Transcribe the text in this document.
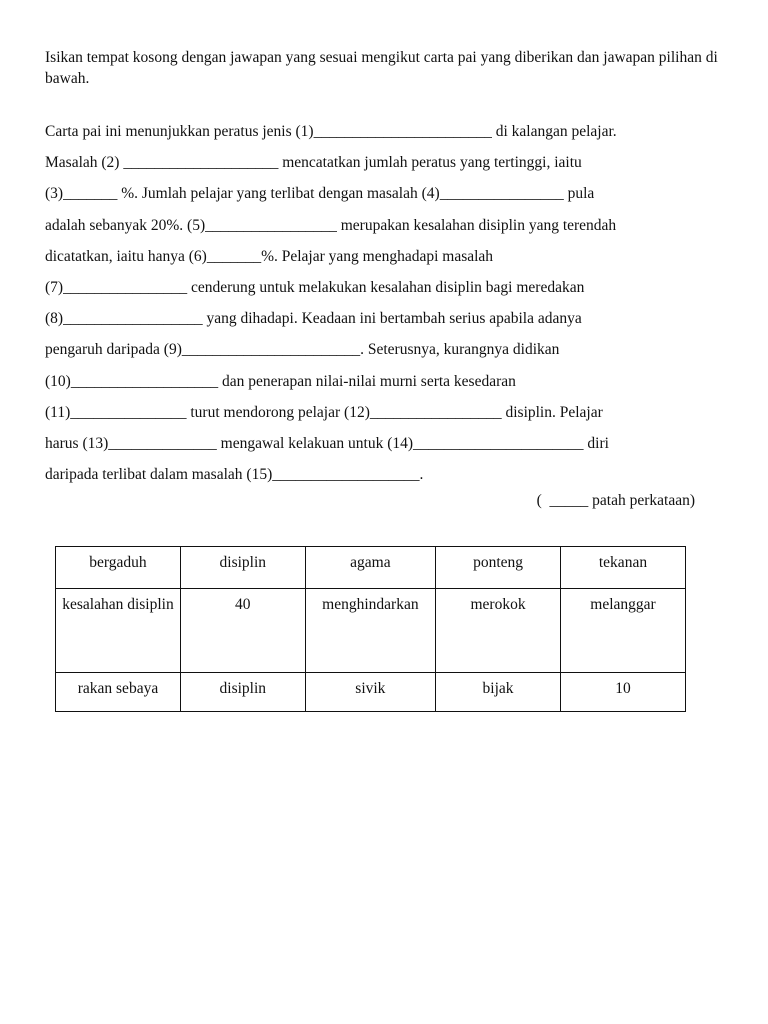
Isikan tempat kosong dengan jawapan yang sesuai mengikut carta pai yang diberikan dan jawapan pilihan di bawah.

Carta pai ini menunjukkan peratus jenis (1)_______________________ di kalangan pelajar.
Masalah (2) ____________________ mencatatkan jumlah peratus yang tertinggi, iaitu
(3)_______ %. Jumlah pelajar yang terlibat dengan masalah (4)________________ pula
adalah sebanyak 20%. (5)_________________ merupakan kesalahan disiplin yang terendah
dicatatkan, iaitu hanya (6)_______%. Pelajar yang menghadapi masalah
(7)________________ cenderung untuk melakukan kesalahan disiplin bagi meredakan
(8)__________________ yang dihadapi. Keadaan ini bertambah serius apabila adanya
pengaruh daripada (9)_______________________. Seterusnya, kurangnya didikan
(10)___________________ dan penerapan nilai-nilai murni serta kesedaran
(11)_______________ turut mendorong pelajar (12)_________________ disiplin. Pelajar
harus (13)______________ mengawal kelakuan untuk (14)______________________ diri
daripada terlibat dalam masalah (15)___________________.
(  _____ patah perkataan)
bergaduh	disiplin	agama	ponteng	tekanan
kesalahan disiplin	40	menghindarkan	merokok	melanggar
rakan sebaya	disiplin	sivik	bijak	10
